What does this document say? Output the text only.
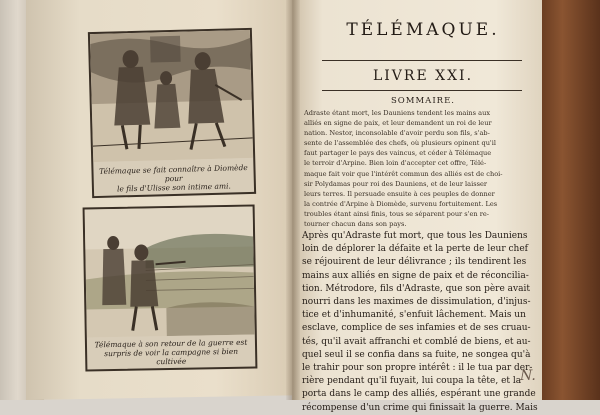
Télémaque se fait connaître à Diomède pour
le fils d'Ulisse son intime ami.
Télémaque à son retour de la guerre est
surpris de voir la campagne si bien cultivée
TÉLÉMAQUE.
LIVRE XXI.
SOMMAIRE.
Adraste étant mort, les Dauniens tendent les mains aux
alliés en signe de paix, et leur demandent un roi de leur
nation. Nestor, inconsolable d'avoir perdu son fils, s'ab-
sente de l'assemblée des chefs, où plusieurs opinent qu'il
faut partager le pays des vaincus, et céder à Télémaque
le terroir d'Arpine. Bien loin d'accepter cet offre, Télé-
maque fait voir que l'intérêt commun des alliés est de choi-
sir Polydamas pour roi des Dauniens, et de leur laisser
leurs terres. Il persuade ensuite à ces peuples de donner
la contrée d'Arpine à Diomède, survenu fortuitement. Les
troubles étant ainsi finis, tous se séparent pour s'en re-
tourner chacun dans son pays.
Après qu'Adraste fut mort, que tous les Dauniens
loin de déplorer la défaite et la perte de leur chef
se réjouirent de leur délivrance ; ils tendirent les
mains aux alliés en signe de paix et de réconcilia-
tion. Métrodore, fils d'Adraste, que son père avait
nourri dans les maximes de dissimulation, d'injus-
tice et d'inhumanité, s'enfuit lâchement. Mais un
esclave, complice de ses infamies et de ses cruau-
tés, qu'il avait affranchi et comblé de biens, et au-
quel seul il se confia dans sa fuite, ne songea qu'à
le trahir pour son propre intérêt : il le tua par der-
rière pendant qu'il fuyait, lui coupa la tête, et la
porta dans le camp des alliés, espérant une grande
récompense d'un crime qui finissait la guerre. Mais
N.
